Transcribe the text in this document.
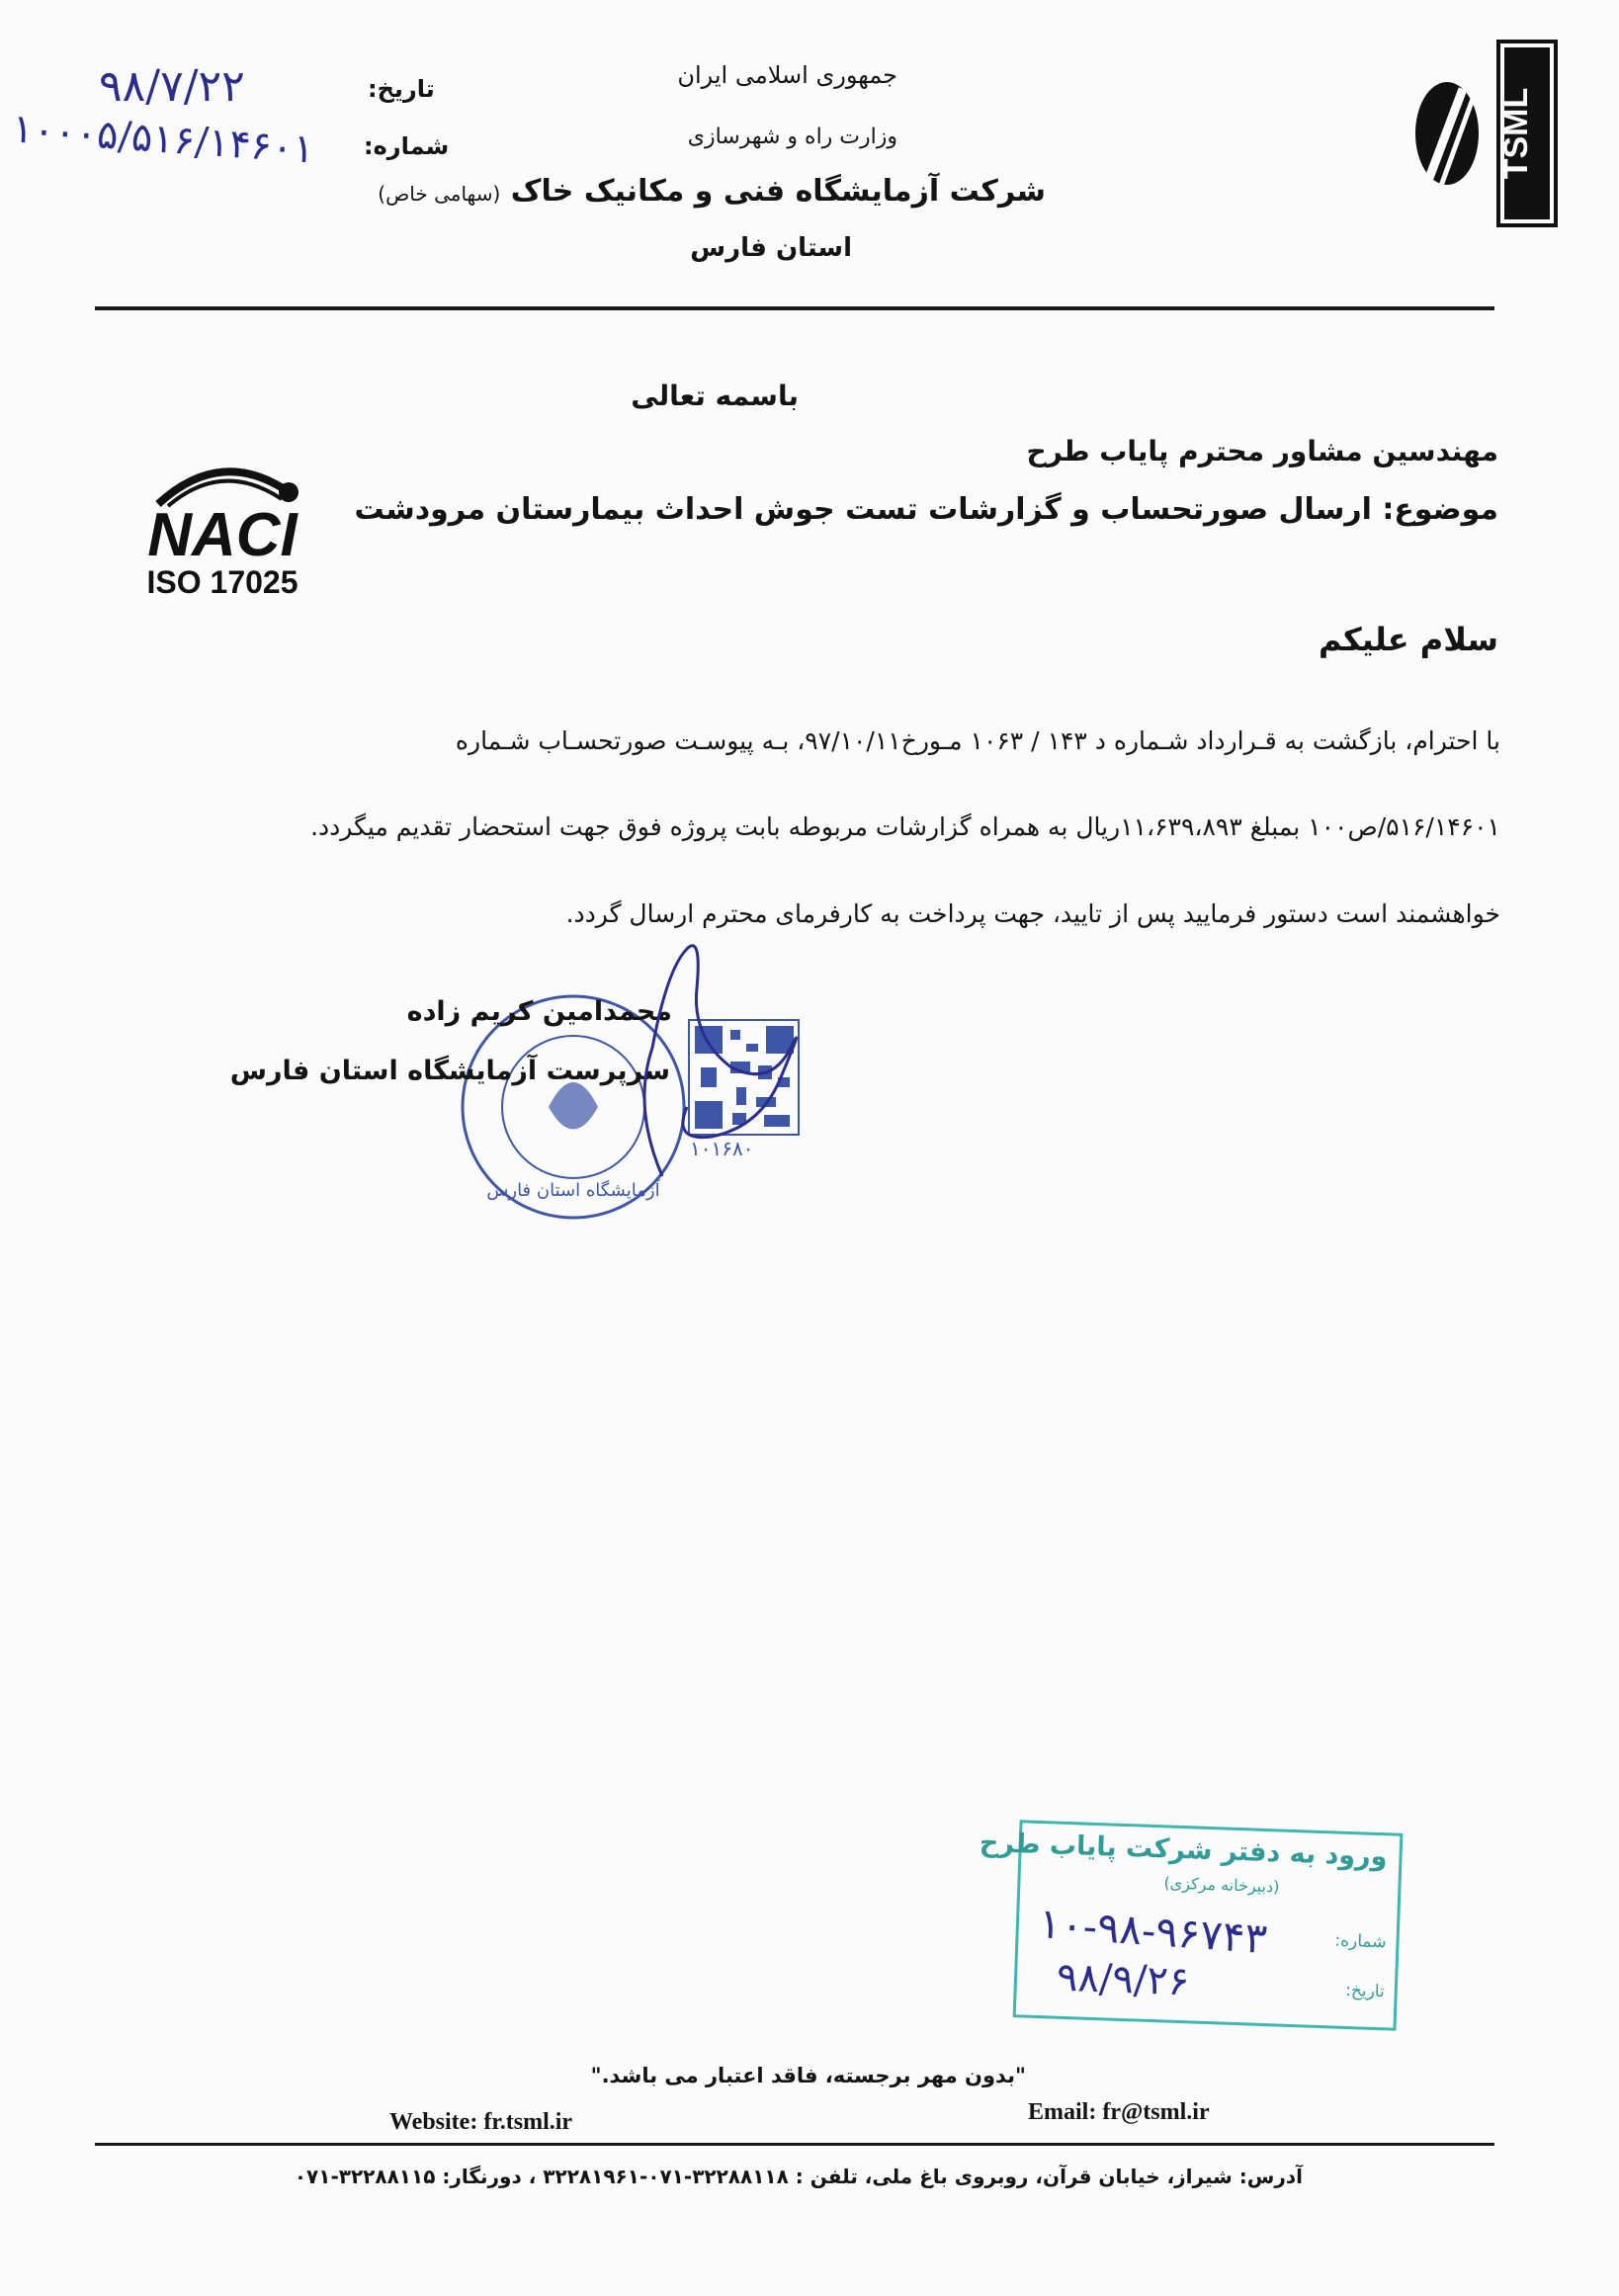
TSML
جمهوری اسلامی ایران
وزارت راه و شهرسازی
شرکت آزمایشگاه فنی و مکانیک خاک (سهامی خاص)
استان فارس
تاریخ:
شماره:
۹۸/۷/۲۲
۱۰۰۰۵/۵۱۶/۱۴۶۰۱
NACI
ISO 17025
باسمه تعالی
مهندسین مشاور محترم پایاب طرح
موضوع: ارسال صورتحساب و گزارشات تست جوش احداث بیمارستان مرودشت
سلام علیکم
با احترام، بازگشت به قـرارداد شـماره د ۱۴۳ / ۱۰۶۳ مـورخ۹۷/۱۰/۱۱، بـه پیوسـت صورتحسـاب شـماره
۵۱۶/۱۴۶۰۱/ص۱۰۰ بمبلغ ۱۱،۶۳۹،۸۹۳ریال به همراه گزارشات مربوطه بابت پروژه فوق جهت استحضار تقدیم میگردد.
خواهشمند است دستور فرمایید پس از تایید، جهت پرداخت به کارفرمای محترم ارسال گردد.
آزمایشگاه استان فارس
۱۰۱۶۸۰
محمدامین کریم زاده
سرپرست آزمایشگاه استان فارس
ورود به دفتر شرکت پایاب طرح
(دبیرخانه مرکزی)
شماره:
تاریخ:
۱۰-۹۸-۹۶۷۴۳
۹۸/۹/۲۶
"بدون مهر برجسته، فاقد اعتبار می باشد."
Website: fr.tsml.ir	Email: fr@tsml.ir
آدرس: شیراز، خیابان قرآن، روبروی باغ ملی، تلفن : ۳۲۲۸۸۱۱۸-۰۷۱-۳۲۲۸۱۹۶۱ ، دورنگار: ۳۲۲۸۸۱۱۵-۰۷۱
